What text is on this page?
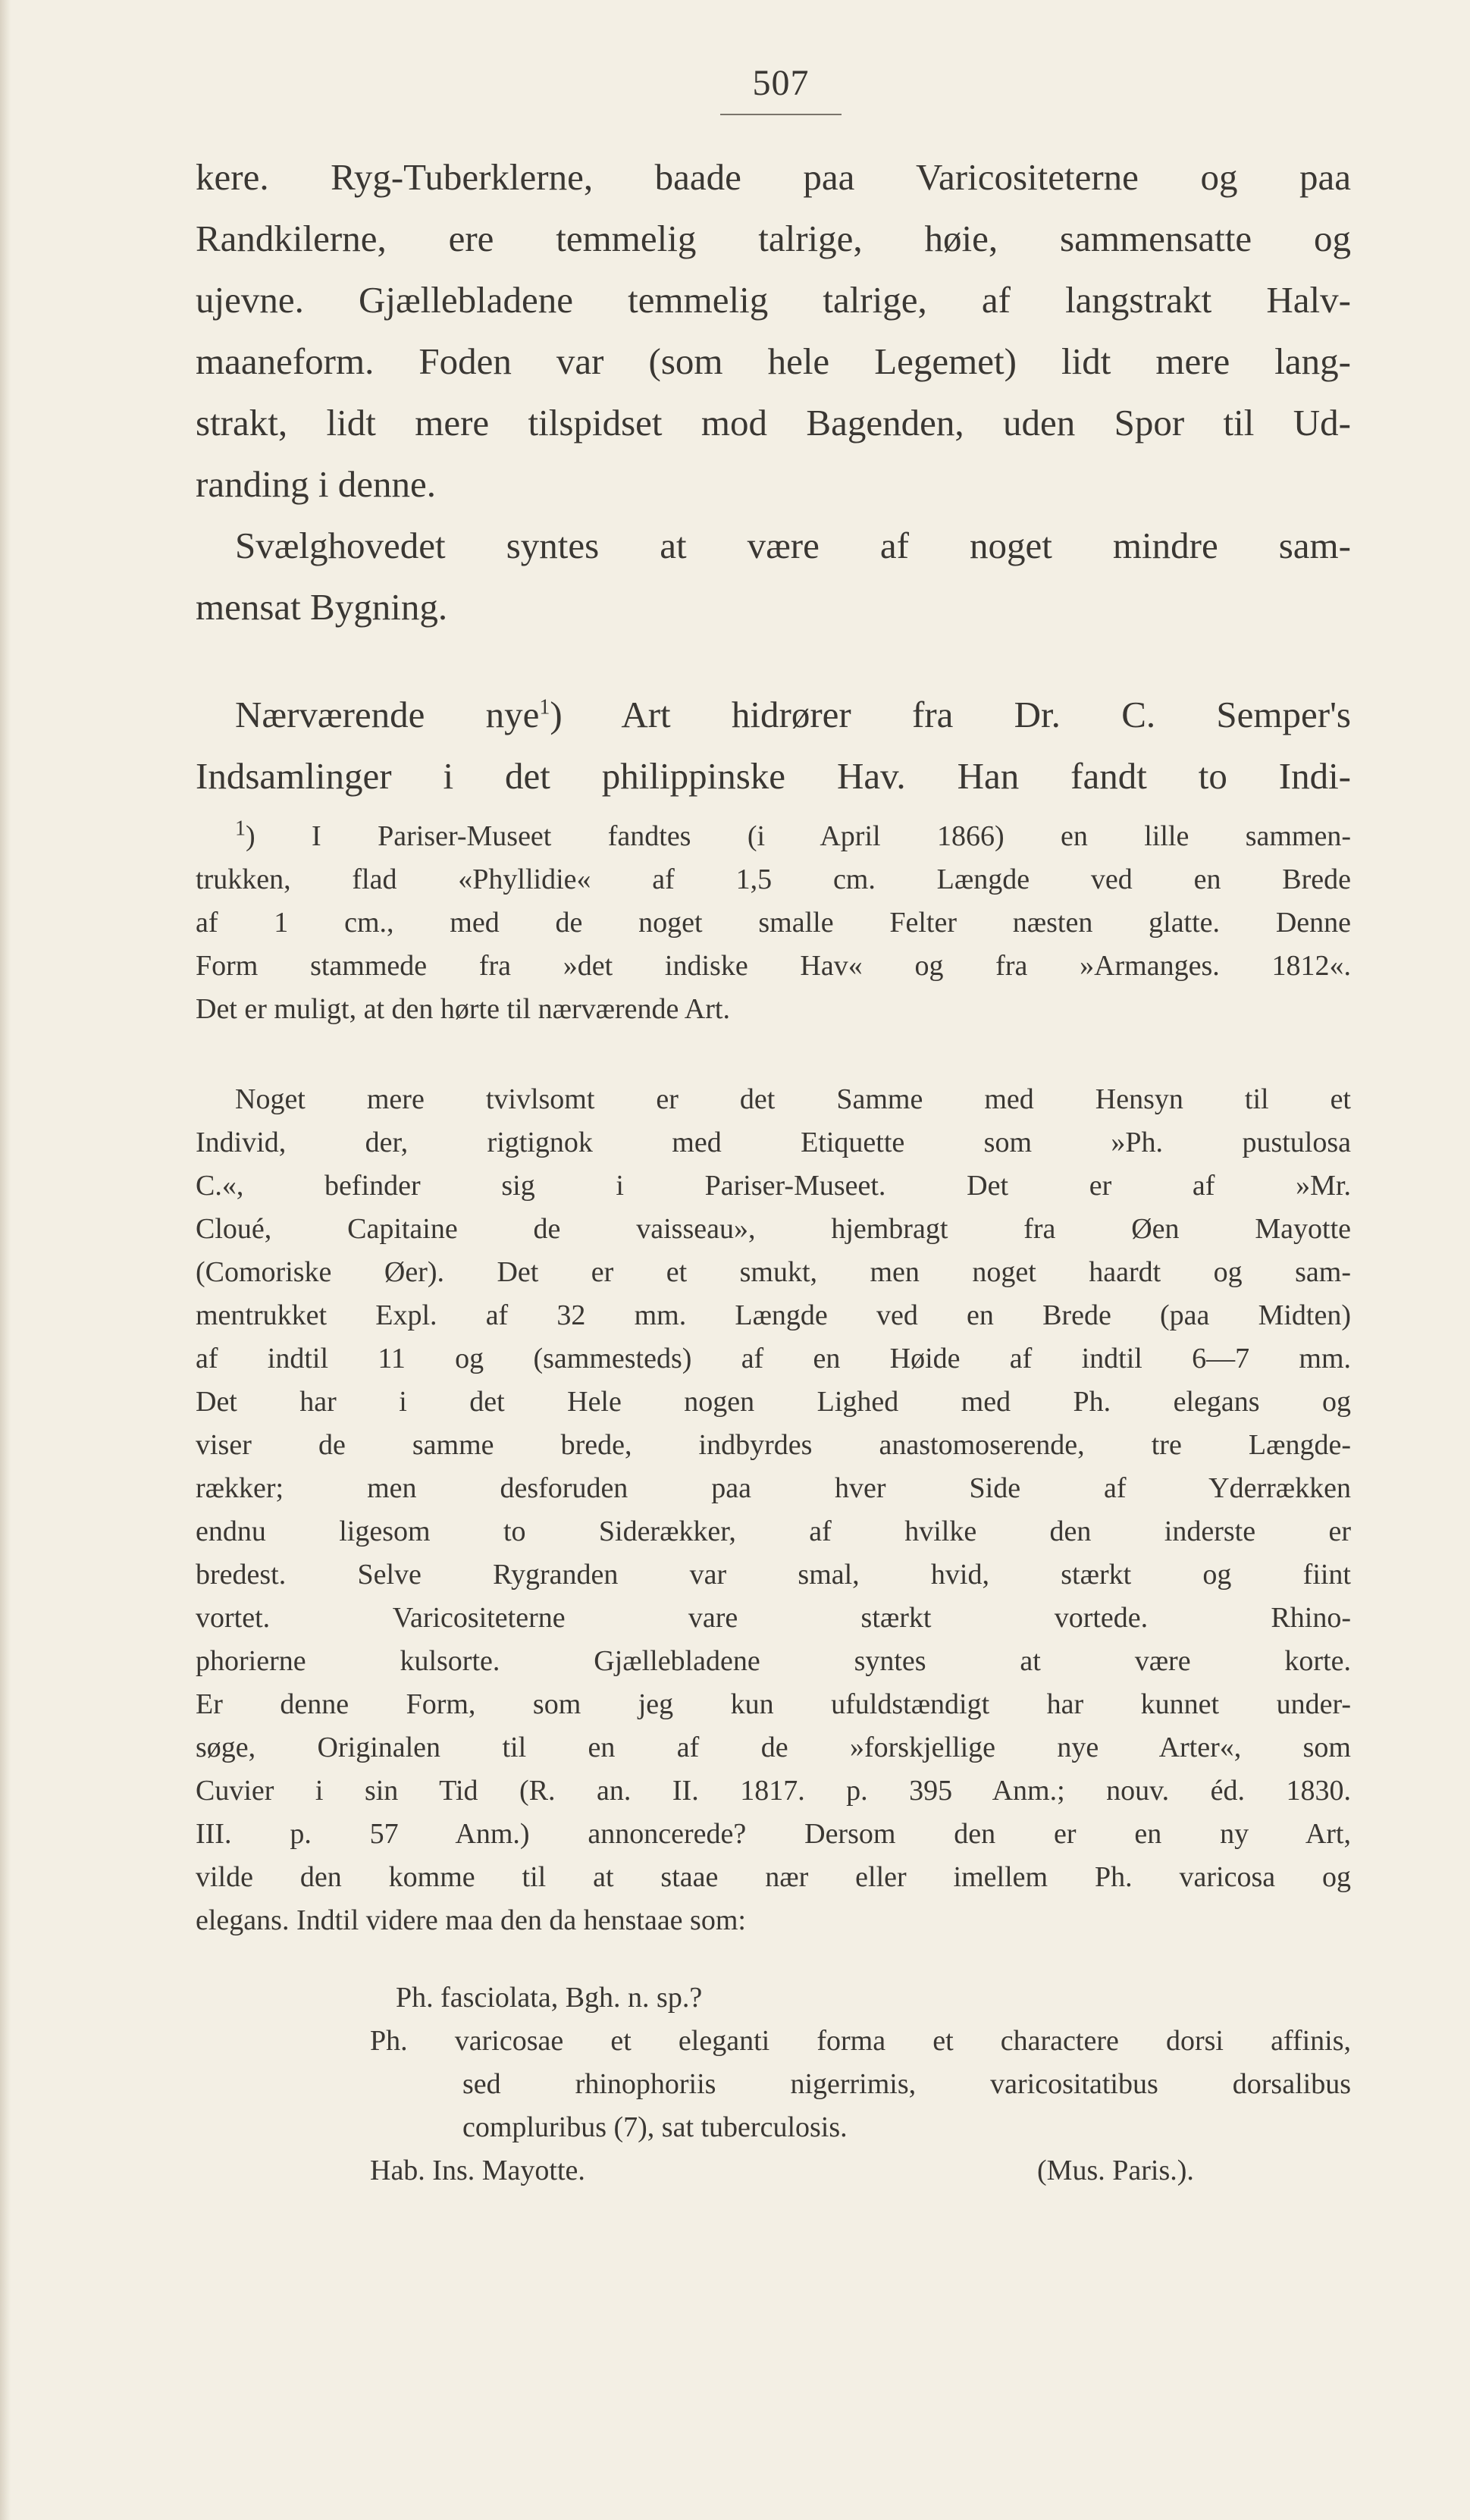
507
kere. Ryg-Tuberklerne, baade paa Varicositeterne og paa
Randkilerne, ere temmelig talrige, høie, sammensatte og
ujevne. Gjællebladene temmelig talrige, af langstrakt Halv-
maaneform. Foden var (som hele Legemet) lidt mere lang-
strakt, lidt mere tilspidset mod Bagenden, uden Spor til Ud-
randing i denne.
Svælghovedet syntes at være af noget mindre sam-
mensat Bygning.
Nærværende nye$^1$) Art hidrører fra Dr. C. Semper's
Indsamlinger i det philippinske Hav. Han fandt to Indi-
$^1$) I Pariser-Museet fandtes (i April 1866) en lille sammen-
trukken, flad «Phyllidie« af 1,5 cm. Længde ved en Brede
af 1 cm., med de noget smalle Felter næsten glatte. Denne
Form stammede fra »det indiske Hav« og fra »Armanges. 1812«.
Det er muligt, at den hørte til nærværende Art.
Noget mere tvivlsomt er det Samme med Hensyn til et
Individ, der, rigtignok med Etiquette som »Ph. pustulosa
C.«, befinder sig i Pariser-Museet. Det er af »Mr.
Cloué, Capitaine de vaisseau», hjembragt fra Øen Mayotte
(Comoriske Øer). Det er et smukt, men noget haardt og sam-
mentrukket Expl. af 32 mm. Længde ved en Brede (paa Midten)
af indtil 11 og (sammesteds) af en Høide af indtil 6—7 mm.
Det har i det Hele nogen Lighed med Ph. elegans og
viser de samme brede, indbyrdes anastomoserende, tre Længde-
rækker; men desforuden paa hver Side af Yderrækken
endnu ligesom to Siderækker, af hvilke den inderste er
bredest. Selve Rygranden var smal, hvid, stærkt og fiint
vortet. Varicositeterne vare stærkt vortede. Rhino-
phorierne kulsorte. Gjællebladene syntes at være korte.
Er denne Form, som jeg kun ufuldstændigt har kunnet under-
søge, Originalen til en af de »forskjellige nye Arter«, som
Cuvier i sin Tid (R. an. II. 1817. p. 395 Anm.; nouv. éd. 1830.
III. p. 57 Anm.) annoncerede? Dersom den er en ny Art,
vilde den komme til at staae nær eller imellem Ph. varicosa og
elegans. Indtil videre maa den da henstaae som:
Ph. fasciolata, Bgh. n. sp.?
Ph. varicosae et eleganti forma et charactere dorsi affinis,
sed rhinophoriis nigerrimis, varicositatibus dorsalibus
compluribus (7), sat tuberculosis.
Hab. Ins. Mayotte.	(Mus. Paris.).
